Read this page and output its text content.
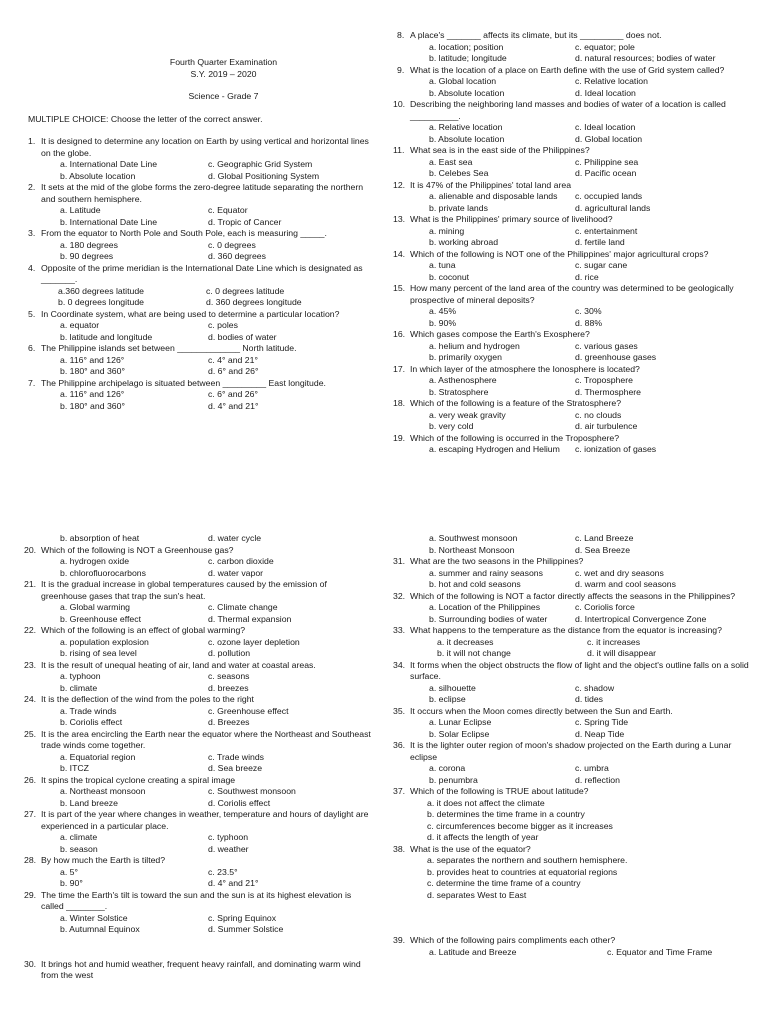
Fourth Quarter Examination
S.Y. 2019 – 2020
Science - Grade 7
MULTIPLE CHOICE: Choose the letter of the correct answer.
1. It is designed to determine any location on Earth by using vertical and horizontal lines on the globe.
a. International Date Line	c. Geographic Grid System
b. Absolute location	d. Global Positioning System
2. It sets at the mid of the globe forms the zero-degree latitude separating the northern and southern hemisphere.
a. Latitude	c. Equator
b. International Date Line	d. Tropic of Cancer
3. From the equator to North Pole and South Pole, each is measuring _____.
a. 180 degrees	c. 0 degrees
b. 90 degrees	d. 360 degrees
4. Opposite of the prime meridian is the International Date Line which is designated as _______.
a.360 degrees latitude	c. 0 degrees latitude
b. 0 degrees longitude	d. 360 degrees longitude
5. In Coordinate system, what are being used to determine a particular location?
a. equator	c. poles
b. latitude and longitude	d. bodies of water
6. The Philippine islands set between _____________ North latitude.
a. 116° and 126°	c. 4° and 21°
b. 180° and 360°	d. 6° and 26°
7. The Philippine archipelago is situated between _________ East longitude.
a. 116° and 126°	c. 6° and 26°
b. 180° and 360°	d. 4° and 21°
8. A place's _______ affects its climate, but its _________ does not.
a. location; position	c. equator; pole
b. latitude; longitude	d. natural resources; bodies of water
9. What is the location of a place on Earth define with the use of Grid system called?
a. Global location	c. Relative location
b. Absolute location	d. Ideal location
10. Describing the neighboring land masses and bodies of water of a location is called __________.
a. Relative location	c. Ideal location
b. Absolute location	d. Global location
11. What sea is in the east side of the Philippines?
a. East sea	c. Philippine sea
b. Celebes Sea	d. Pacific ocean
12. It is 47% of the Philippines' total land area
a. alienable and disposable lands	c. occupied lands
b. private lands	d. agricultural lands
13. What is the Philippines' primary source of livelihood?
a. mining	c. entertainment
b. working abroad	d. fertile land
14. Which of the following is NOT one of the Philippines' major agricultural crops?
a. tuna	c. sugar cane
b. coconut	d. rice
15. How many percent of the land area of the country was determined to be geologically prospective of mineral deposits?
a. 45%	c. 30%
b. 90%	d. 88%
16. Which gases compose the Earth's Exosphere?
a. helium and hydrogen	c. various gases
b. primarily oxygen	d. greenhouse gases
17. In which layer of the atmosphere the Ionosphere is located?
a. Asthenosphere	c. Troposphere
b. Stratosphere	d. Thermosphere
18. Which of the following is a feature of the Stratosphere?
a. very weak gravity	c. no clouds
b. very cold	d. air turbulence
19. Which of the following is occurred in the Troposphere?
a. escaping Hydrogen and Helium	c. ionization of gases
b. absorption of heat	d. water cycle
20. Which of the following is NOT a Greenhouse gas?
a. hydrogen oxide	c. carbon dioxide
b. chlorofluorocarbons	d. water vapor
21. It is the gradual increase in global temperatures caused by the emission of greenhouse gases that trap the sun's heat.
a. Global warming	c. Climate change
b. Greenhouse effect	d. Thermal expansion
22. Which of the following is an effect of global warming?
a. population explosion	c. ozone layer depletion
b. rising of sea level	d. pollution
23. It is the result of unequal heating of air, land and water at coastal areas.
a. typhoon	c. seasons
b. climate	d. breezes
24. It is the deflection of the wind from the poles to the right
a. Trade winds	c. Greenhouse effect
b. Coriolis effect	d. Breezes
25. It is the area encircling the Earth near the equator where the Northeast and Southeast trade winds come together.
a. Equatorial region	c. Trade winds
b. ITCZ	d. Sea breeze
26. It spins the tropical cyclone creating a spiral image
a. Northeast monsoon	c. Southwest monsoon
b. Land breeze	d. Coriolis effect
27. It is part of the year where changes in weather, temperature and hours of daylight are experienced in a particular place.
a. climate	c. typhoon
b. season	d. weather
28. By how much the Earth is tilted?
a. 5°	c. 23.5°
b. 90°	d. 4° and 21°
29. The time the Earth's tilt is toward the sun and the sun is at its highest elevation is called ________.
a. Winter Solstice	c. Spring Equinox
b. Autumnal Equinox	d. Summer Solstice
30. It brings hot and humid weather, frequent heavy rainfall, and dominating warm wind from the west
a. Southwest monsoon	c. Land Breeze
b. Northeast Monsoon	d. Sea Breeze
31. What are the two seasons in the Philippines?
a. summer and rainy seasons	c. wet and dry seasons
b. hot and cold seasons	d. warm and cool seasons
32. Which of the following is NOT a factor directly affects the seasons in the Philippines?
a. Location of the Philippines	c. Coriolis force
b. Surrounding bodies of water	d. Intertropical Convergence Zone
33. What happens to the temperature as the distance from the equator is increasing?
a. it decreases	c. it increases
b. it will not change	d. it will disappear
34. It forms when the object obstructs the flow of light and the object's outline falls on a solid surface.
a. silhouette	c. shadow
b. eclipse	d. tides
35. It occurs when the Moon comes directly between the Sun and Earth.
a. Lunar Eclipse	c. Spring Tide
b. Solar Eclipse	d. Neap Tide
36. It is the lighter outer region of moon's shadow projected on the Earth during a Lunar eclipse
a. corona	c. umbra
b. penumbra	d. reflection
37. Which of the following is TRUE about latitude?
a. it does not affect the climate
b. determines the time frame in a country
c. circumferences become bigger as it increases
d. it affects the length of year
38. What is the use of the equator?
a. separates the northern and southern hemisphere.
b. provides heat to countries at equatorial regions
c. determine the time frame of a country
d. separates West to East
39. Which of the following pairs compliments each other?
a. Latitude and Breeze	c. Equator and Time Frame
